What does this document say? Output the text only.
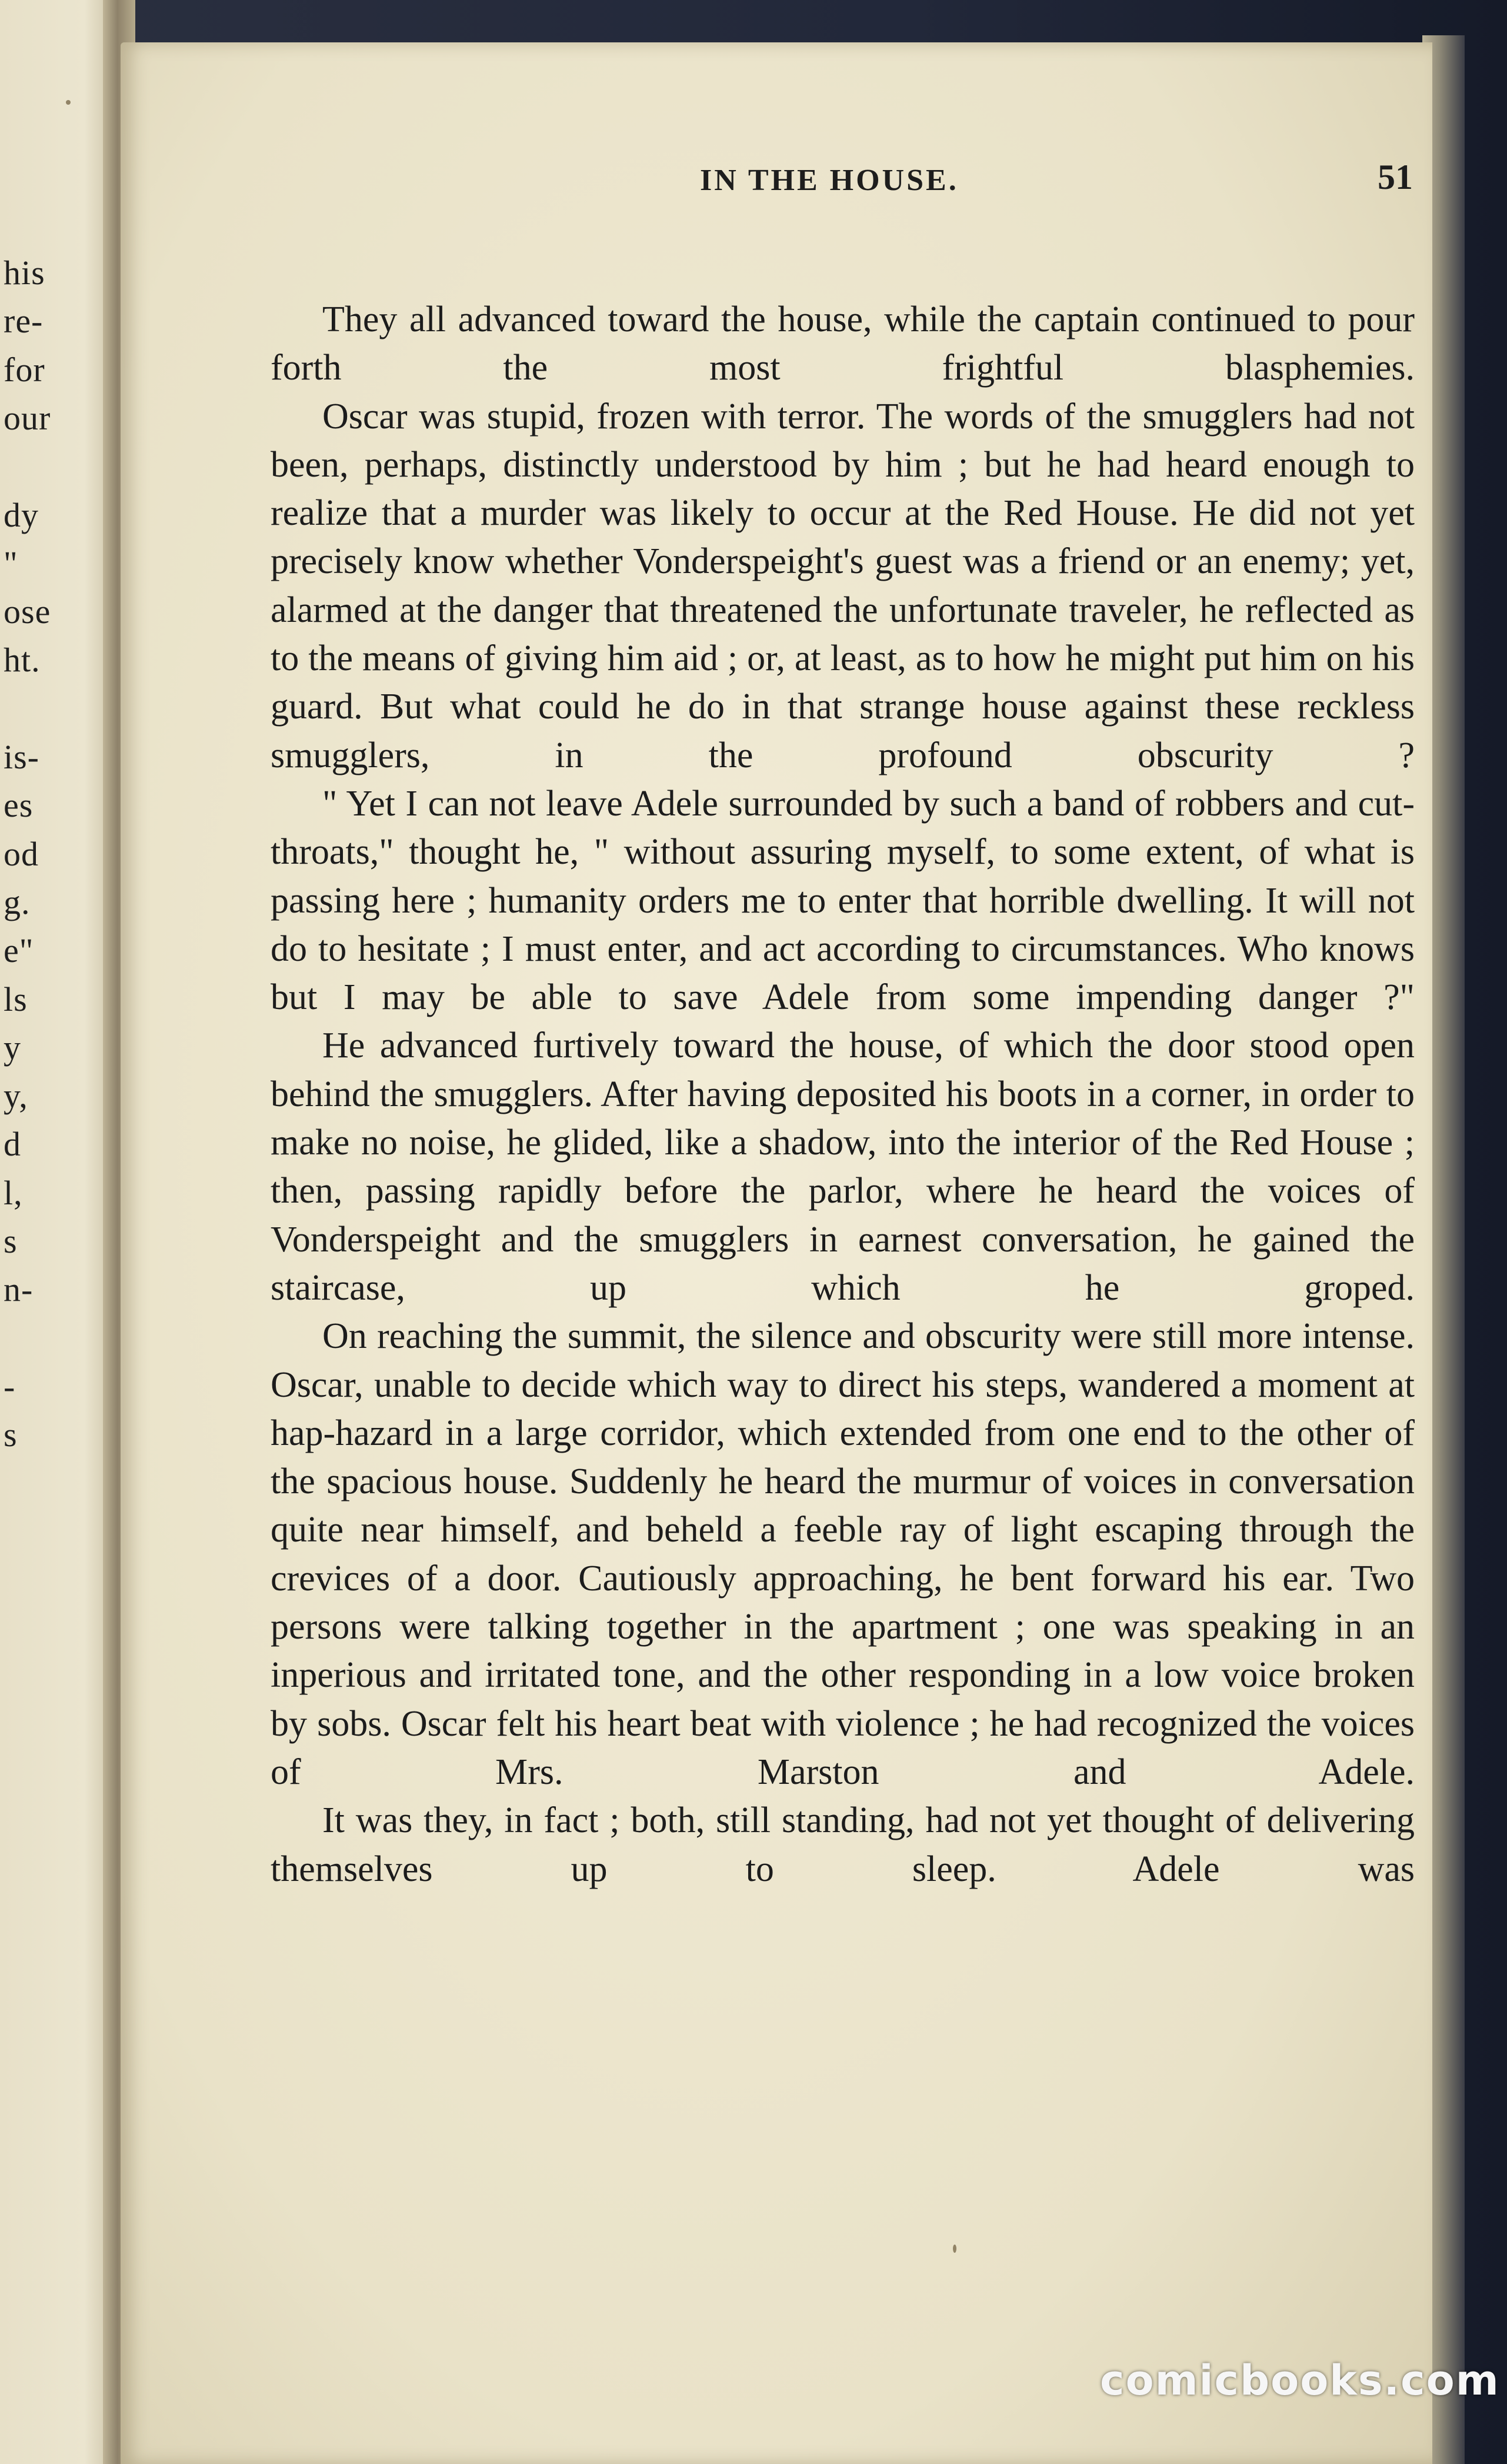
his
re-
for
our
dy
"
ose
ht.
is-
es
od
g.
e"
ls
y
y,
d
l,
s
n-
-
s
IN THE HOUSE.	51

They all advanced toward the house, while the captain continued to pour forth the most frightful blasphemies.

Oscar was stupid, frozen with terror. The words of the smugglers had not been, perhaps, distinctly understood by him ; but he had heard enough to realize that a murder was likely to occur at the Red House. He did not yet precisely know whether Vonderspeight's guest was a friend or an enemy; yet, alarmed at the danger that threatened the unfortunate traveler, he reflected as to the means of giving him aid ; or, at least, as to how he might put him on his guard. But what could he do in that strange house against these reckless smugglers, in the profound obscurity ?

" Yet I can not leave Adele surrounded by such a band of robbers and cut-throats," thought he, " without assuring myself, to some extent, of what is passing here ; humanity orders me to enter that horrible dwelling. It will not do to hesitate ; I must enter, and act according to circumstances. Who knows but I may be able to save Adele from some impending danger ?"

He advanced furtively toward the house, of which the door stood open behind the smugglers. After having deposited his boots in a corner, in order to make no noise, he glided, like a shadow, into the interior of the Red House ; then, passing rapidly before the parlor, where he heard the voices of Vonderspeight and the smugglers in earnest conversation, he gained the staircase, up which he groped.

On reaching the summit, the silence and obscurity were still more intense. Oscar, unable to decide which way to direct his steps, wandered a moment at hap-hazard in a large corridor, which extended from one end to the other of the spacious house. Suddenly he heard the murmur of voices in conversation quite near himself, and beheld a feeble ray of light escaping through the crevices of a door. Cautiously approaching, he bent forward his ear. Two persons were talking together in the apartment ; one was speaking in an inperious and irritated tone, and the other responding in a low voice broken by sobs. Oscar felt his heart beat with violence ; he had recognized the voices of Mrs. Marston and Adele.

It was they, in fact ; both, still standing, had not yet thought of delivering themselves up to sleep. Adele was

comicbooks.com
